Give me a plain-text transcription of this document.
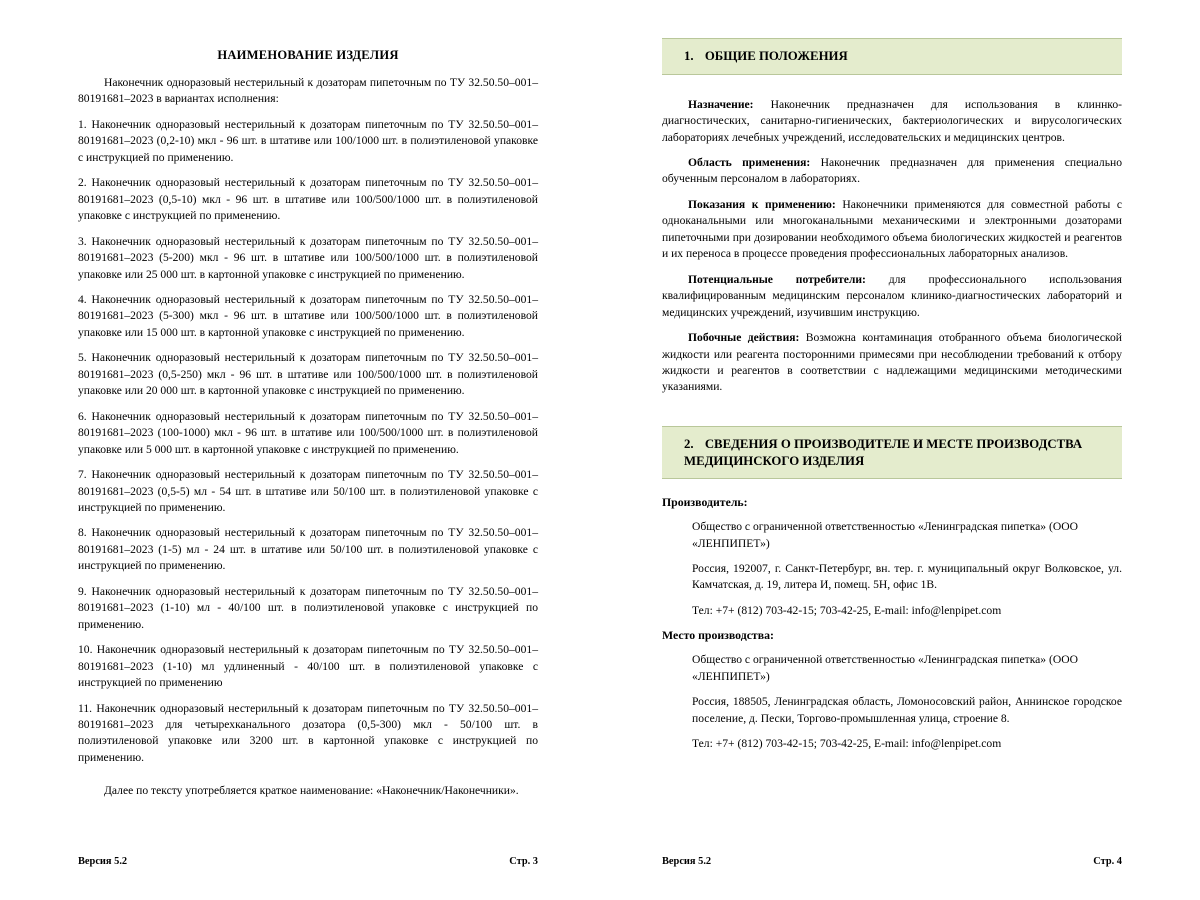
НАИМЕНОВАНИЕ ИЗДЕЛИЯ

Наконечник одноразовый нестерильный к дозаторам пипеточным по ТУ 32.50.50–001–80191681–2023 в вариантах исполнения:

1. Наконечник одноразовый нестерильный к дозаторам пипеточным по ТУ 32.50.50–001–80191681–2023 (0,2-10) мкл - 96 шт. в штативе или 100/1000 шт. в полиэтиленовой упаковке с инструкцией по применению.

2. Наконечник одноразовый нестерильный к дозаторам пипеточным по ТУ 32.50.50–001–80191681–2023 (0,5-10) мкл - 96 шт. в штативе или 100/500/1000 шт. в полиэтиленовой упаковке с инструкцией по применению.

3. Наконечник одноразовый нестерильный к дозаторам пипеточным по ТУ 32.50.50–001–80191681–2023 (5-200) мкл - 96 шт. в штативе или 100/500/1000 шт. в полиэтиленовой упаковке или 25 000 шт. в картонной упаковке с инструкцией по применению.

4. Наконечник одноразовый нестерильный к дозаторам пипеточным по ТУ 32.50.50–001–80191681–2023 (5-300) мкл - 96 шт. в штативе или 100/500/1000 шт. в полиэтиленовой упаковке или 15 000 шт. в картонной упаковке с инструкцией по применению.

5. Наконечник одноразовый нестерильный к дозаторам пипеточным по ТУ 32.50.50–001–80191681–2023 (0,5-250) мкл - 96 шт. в штативе или 100/500/1000 шт. в полиэтиленовой упаковке или 20 000 шт. в картонной упаковке с инструкцией по применению.

6. Наконечник одноразовый нестерильный к дозаторам пипеточным по ТУ 32.50.50–001–80191681–2023 (100-1000) мкл - 96 шт. в штативе или 100/500/1000 шт. в полиэтиленовой упаковке или 5 000 шт. в картонной упаковке с инструкцией по применению.

7. Наконечник одноразовый нестерильный к дозаторам пипеточным по ТУ 32.50.50–001–80191681–2023 (0,5-5) мл - 54 шт. в штативе или 50/100 шт. в полиэтиленовой упаковке с инструкцией по применению.

8. Наконечник одноразовый нестерильный к дозаторам пипеточным по ТУ 32.50.50–001–80191681–2023 (1-5) мл - 24 шт. в штативе или 50/100 шт. в полиэтиленовой упаковке с инструкцией по применению.

9. Наконечник одноразовый нестерильный к дозаторам пипеточным по ТУ 32.50.50–001–80191681–2023 (1-10) мл - 40/100 шт. в полиэтиленовой упаковке с инструкцией по применению.

10. Наконечник одноразовый нестерильный к дозаторам пипеточным по ТУ 32.50.50–001–80191681–2023 (1-10) мл удлиненный - 40/100 шт. в полиэтиленовой упаковке с инструкцией по применению

11. Наконечник одноразовый нестерильный к дозаторам пипеточным по ТУ 32.50.50–001–80191681–2023 для четырехканального дозатора (0,5-300) мкл - 50/100 шт. в полиэтиленовой упаковке или 3200 шт. в картонной упаковке с инструкцией по применению.

Далее по тексту употребляется краткое наименование: «Наконечник/Наконечники».

Версия 5.2	Стр. 3
1. ОБЩИЕ ПОЛОЖЕНИЯ

Назначение: Наконечник предназначен для использования в клиннко-диагностических, санитарно-гигиенических, бактериологических и вирусологических лабораториях лечебных учреждений, исследовательских и медицинских центров.

Область применения: Наконечник предназначен для применения специально обученным персоналом в лабораториях.

Показания к применению: Наконечники применяются для совместной работы с одноканальными или многоканальными механическими и электронными дозаторами пипеточными при дозировании необходимого объема биологических жидкостей и реагентов и их переноса в процессе проведения профессиональных лабораторных анализов.

Потенциальные потребители: для профессионального использования квалифицированным медицинским персоналом клинико-диагностических лабораторий и медицинских учреждений, изучившим инструкцию.

Побочные действия: Возможна контаминация отобранного объема биологической жидкости или реагента посторонними примесями при несоблюдении требований к отбору жидкости и реагентов в соответствии с надлежащими медицинскими методическими указаниями.

2. СВЕДЕНИЯ О ПРОИЗВОДИТЕЛЕ И МЕСТЕ ПРОИЗВОДСТВА МЕДИЦИНСКОГО ИЗДЕЛИЯ
Производитель:

Общество с ограниченной ответственностью «Ленинградская пипетка» (ООО «ЛЕНПИПЕТ»)

Россия, 192007, г. Санкт-Петербург, вн. тер. г. муниципальный округ Волковское, ул. Камчатская, д. 19, литера И, помещ. 5Н, офис 1В.

Тел: +7+ (812) 703-42-15; 703-42-25, E-mail: info@lenpipet.com

Место производства:

Общество с ограниченной ответственностью «Ленинградская пипетка» (ООО «ЛЕНПИПЕТ»)

Россия, 188505, Ленинградская область, Ломоносовский район, Аннинское городское поселение, д. Пески, Торгово-промышленная улица, строение 8.

Тел: +7+ (812) 703-42-15; 703-42-25, E-mail: info@lenpipet.com

Версия 5.2	Стр. 4
